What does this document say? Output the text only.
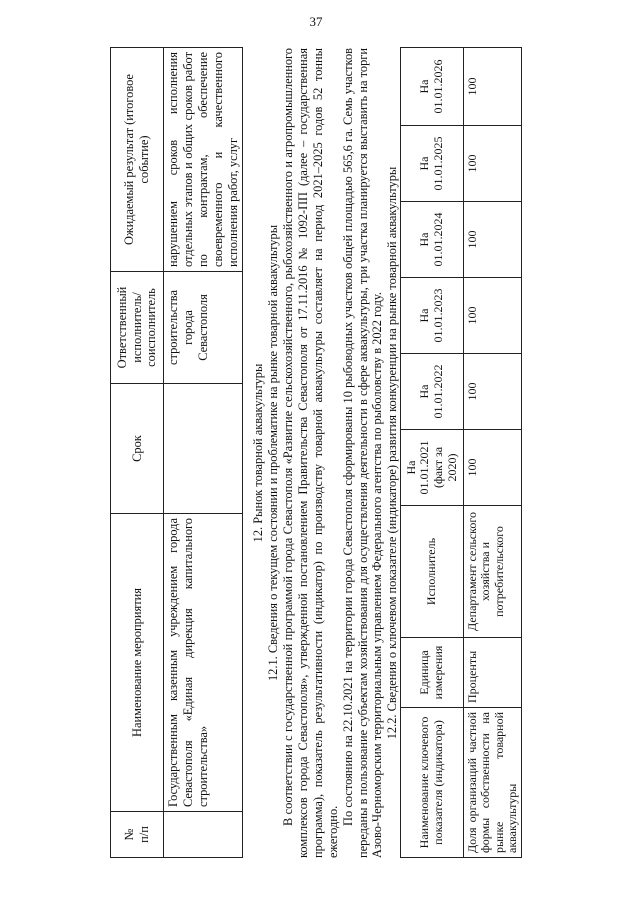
37
№
п/п	Наименование мероприятия	Срок	Ответственный исполнитель/ соисполнитель	Ожидаемый результат (итоговое событие)
	Государственным казенным учреждением города Севастополя «Единая дирекция капитального строительства»		строительства города Севастополя	нарушением сроков исполнения отдельных этапов и общих сроков работ по контрактам, обеспечение своевременного и качественного исполнения работ, услуг

12. Рынок товарной аквакультуры 12.1. Сведения о текущем состоянии и проблематике на рынке товарной аквакультуры В соответствии с государственной программой города Севастополя «Развитие сельскохозяйственного, рыбохозяйственного и агропромышленного комплексов города Севастополя», утвержденной постановлением Правительства Севастополя от 17.11.2016 № 1092-ПП (далее – государственная программа), показатель результативности (индикатор) по производству товарной аквакультуры составляет на период 2021–2025 годов 52 тонны ежегодно.

По состоянию на 22.10.2021 на территории города Севастополя сформированы 10 рыбоводных участков общей площадью 565,6 га. Семь участков переданы в пользование субъектам хозяйствования для осуществления деятельности в сфере аквакультуры, три участка планируется выставить на торги Азово-Черноморским территориальным управлением Федерального агентства по рыболовству в 2022 году. 12.2. Сведения о ключевом показателе (индикаторе) развития конкуренции на рынке товарной аквакультуры

Наименование ключевого показателя (индикатора)	Единица измерения	Исполнитель	На 01.01.2021 (факт за 2020)	На 01.01.2022	На 01.01.2023	На 01.01.2024	На 01.01.2025	На 01.01.2026
Доля организаций частной формы собственности на рынке товарной аквакультуры	Проценты	Департамент сельского хозяйства и потребительского	100	100	100	100	100	100
